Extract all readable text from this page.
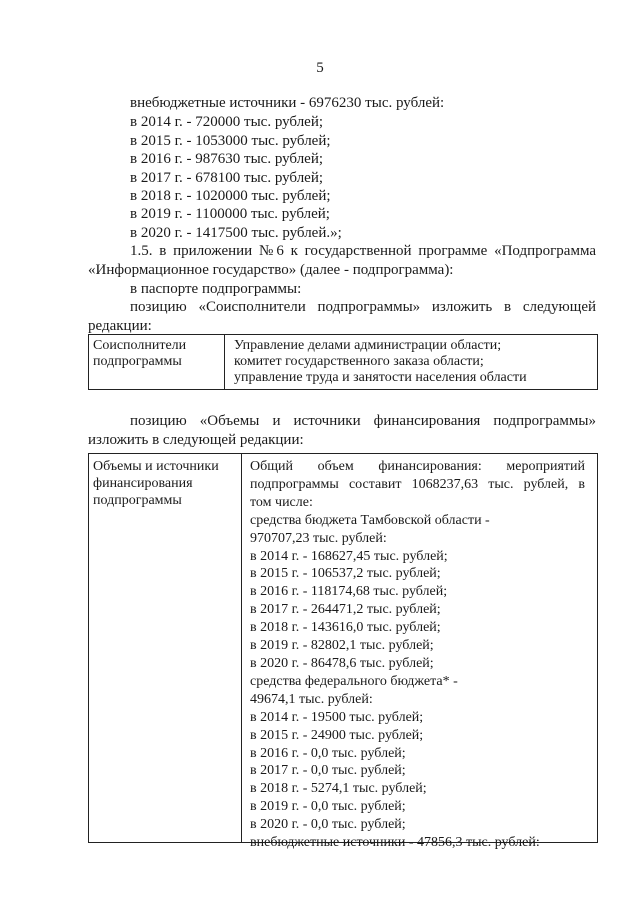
5
внебюджетные источники - 6976230 тыс. рублей:
в 2014 г. - 720000 тыс. рублей;
в 2015 г. - 1053000 тыс. рублей;
в 2016 г. - 987630 тыс. рублей;
в 2017 г. - 678100 тыс. рублей;
в 2018 г. - 1020000 тыс. рублей;
в 2019 г. - 1100000 тыс. рублей;
в 2020 г. - 1417500 тыс. рублей.»;
1.5. в приложении №6 к государственной программе «Подпрограмма
«Информационное государство» (далее - подпрограмма):
в паспорте подпрограммы:
позицию «Соисполнители подпрограммы» изложить в следующей
редакции:
Соисполнители
подпрограммы
Управление делами администрации области;
комитет государственного заказа области;
управление труда и занятости населения области
позицию «Объемы и источники финансирования подпрограммы»
изложить в следующей редакции:
Объемы и источники
финансирования
подпрограммы
Общий объем финансирования: мероприятий
подпрограммы составит 1068237,63 тыс. рублей, в
том числе:
средства бюджета Тамбовской области -
970707,23 тыс. рублей:
в 2014 г. - 168627,45 тыс. рублей;
в 2015 г. - 106537,2 тыс. рублей;
в 2016 г. - 118174,68 тыс. рублей;
в 2017 г. - 264471,2 тыс. рублей;
в 2018 г. - 143616,0 тыс. рублей;
в 2019 г. - 82802,1 тыс. рублей;
в 2020 г. - 86478,6 тыс. рублей;
средства федерального бюджета* -
49674,1 тыс. рублей:
в 2014 г. - 19500 тыс. рублей;
в 2015 г. - 24900 тыс. рублей;
в 2016 г. - 0,0 тыс. рублей;
в 2017 г. - 0,0 тыс. рублей;
в 2018 г. - 5274,1 тыс. рублей;
в 2019 г. - 0,0 тыс. рублей;
в 2020 г. - 0,0 тыс. рублей;
внебюджетные источники - 47856,3 тыс. рублей:
